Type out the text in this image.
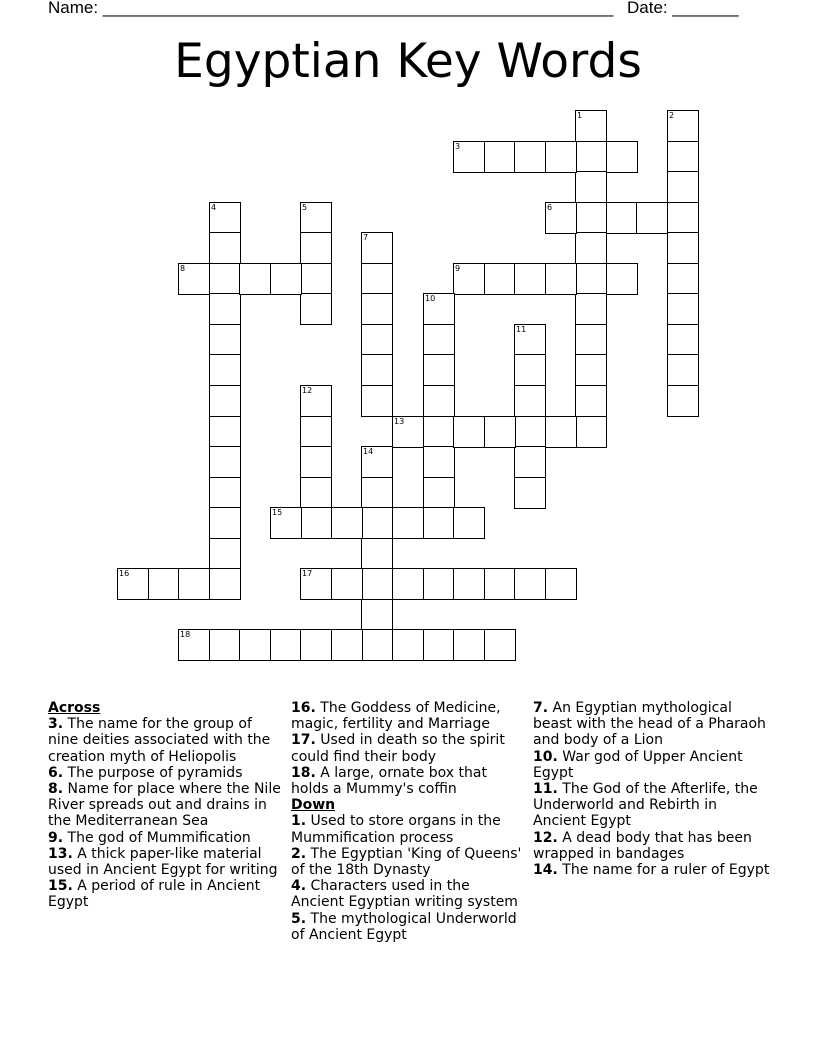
Name: ______________________________________________________ Date: _______
Egyptian Key Words
1	2
3
4	5	6
7
8	9
10
11
12
13
14
15
16	17
18
Across
3. The name for the group of nine deities associated with the creation myth of Heliopolis
6. The purpose of pyramids
8. Name for place where the Nile River spreads out and drains in the Mediterranean Sea
9. The god of Mummification
13. A thick paper-like material used in Ancient Egypt for writing
15. A period of rule in Ancient Egypt
16. The Goddess of Medicine, magic, fertility and Marriage
17. Used in death so the spirit could find their body
18. A large, ornate box that holds a Mummy's coffin
Down
1. Used to store organs in the Mummification process
2. The Egyptian 'King of Queens' of the 18th Dynasty
4. Characters used in the Ancient Egyptian writing system
5. The mythological Underworld of Ancient Egypt
7. An Egyptian mythological beast with the head of a Pharaoh and body of a Lion
10. War god of Upper Ancient Egypt
11. The God of the Afterlife, the Underworld and Rebirth in Ancient Egypt
12. A dead body that has been wrapped in bandages
14. The name for a ruler of Egypt
